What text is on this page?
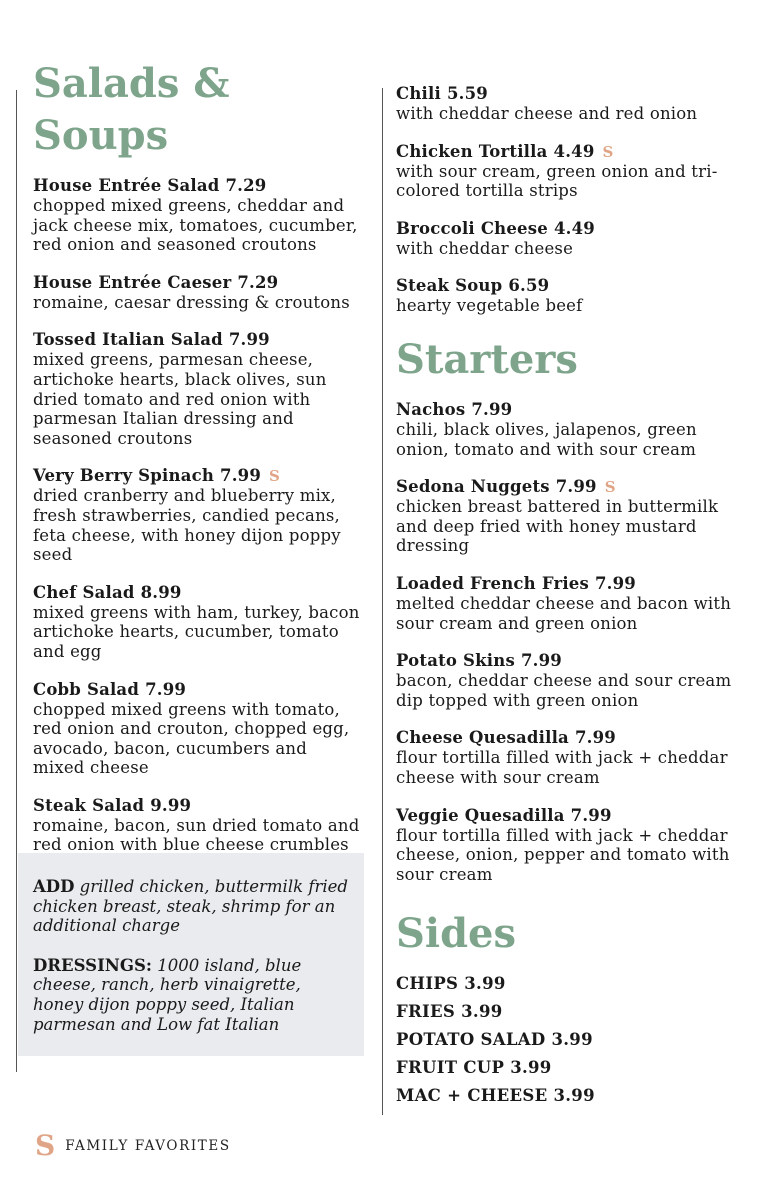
Salads & Soups
House Entrée Salad 7.29
chopped mixed greens, cheddar and jack cheese mix, tomatoes, cucumber, red onion and seasoned croutons
House Entrée Caeser 7.29
romaine, caesar dressing & croutons
Tossed Italian Salad 7.99
mixed greens, parmesan cheese, artichoke hearts, black olives, sun dried tomato and red onion with parmesan Italian dressing and seasoned croutons
Very Berry Spinach 7.99 S
dried cranberry and blueberry mix, fresh strawberries, candied pecans, feta cheese, with honey dijon poppy seed
Chef Salad 8.99
mixed greens with ham, turkey, bacon artichoke hearts, cucumber, tomato and egg
Cobb Salad 7.99
chopped mixed greens with tomato, red onion and crouton, chopped egg, avocado, bacon, cucumbers and mixed cheese
Steak Salad 9.99
romaine, bacon, sun dried tomato and red onion with blue cheese crumbles

ADD grilled chicken, buttermilk fried chicken breast, steak, shrimp for an additional charge

DRESSINGS: 1000 island, blue cheese, ranch, herb vinaigrette, honey dijon poppy seed, Italian parmesan and Low fat Italian

Chili 5.59
with cheddar cheese and red onion
Chicken Tortilla 4.49 S
with sour cream, green onion and tri-colored tortilla strips
Broccoli Cheese 4.49
with cheddar cheese
Steak Soup 6.59
hearty vegetable beef
Starters
Nachos 7.99
chili, black olives, jalapenos, green onion, tomato and with sour cream
Sedona Nuggets 7.99 S
chicken breast battered in buttermilk and deep fried with honey mustard dressing
Loaded French Fries 7.99
melted cheddar cheese and bacon with sour cream and green onion
Potato Skins 7.99
bacon, cheddar cheese and sour cream dip topped with green onion
Cheese Quesadilla 7.99
flour tortilla filled with jack + cheddar cheese with sour cream
Veggie Quesadilla 7.99
flour tortilla filled with jack + cheddar cheese, onion, pepper and tomato with sour cream
Sides
CHIPS 3.99
FRIES 3.99
POTATO SALAD 3.99
FRUIT CUP 3.99
MAC + CHEESE 3.99
S FAMILY FAVORITES
